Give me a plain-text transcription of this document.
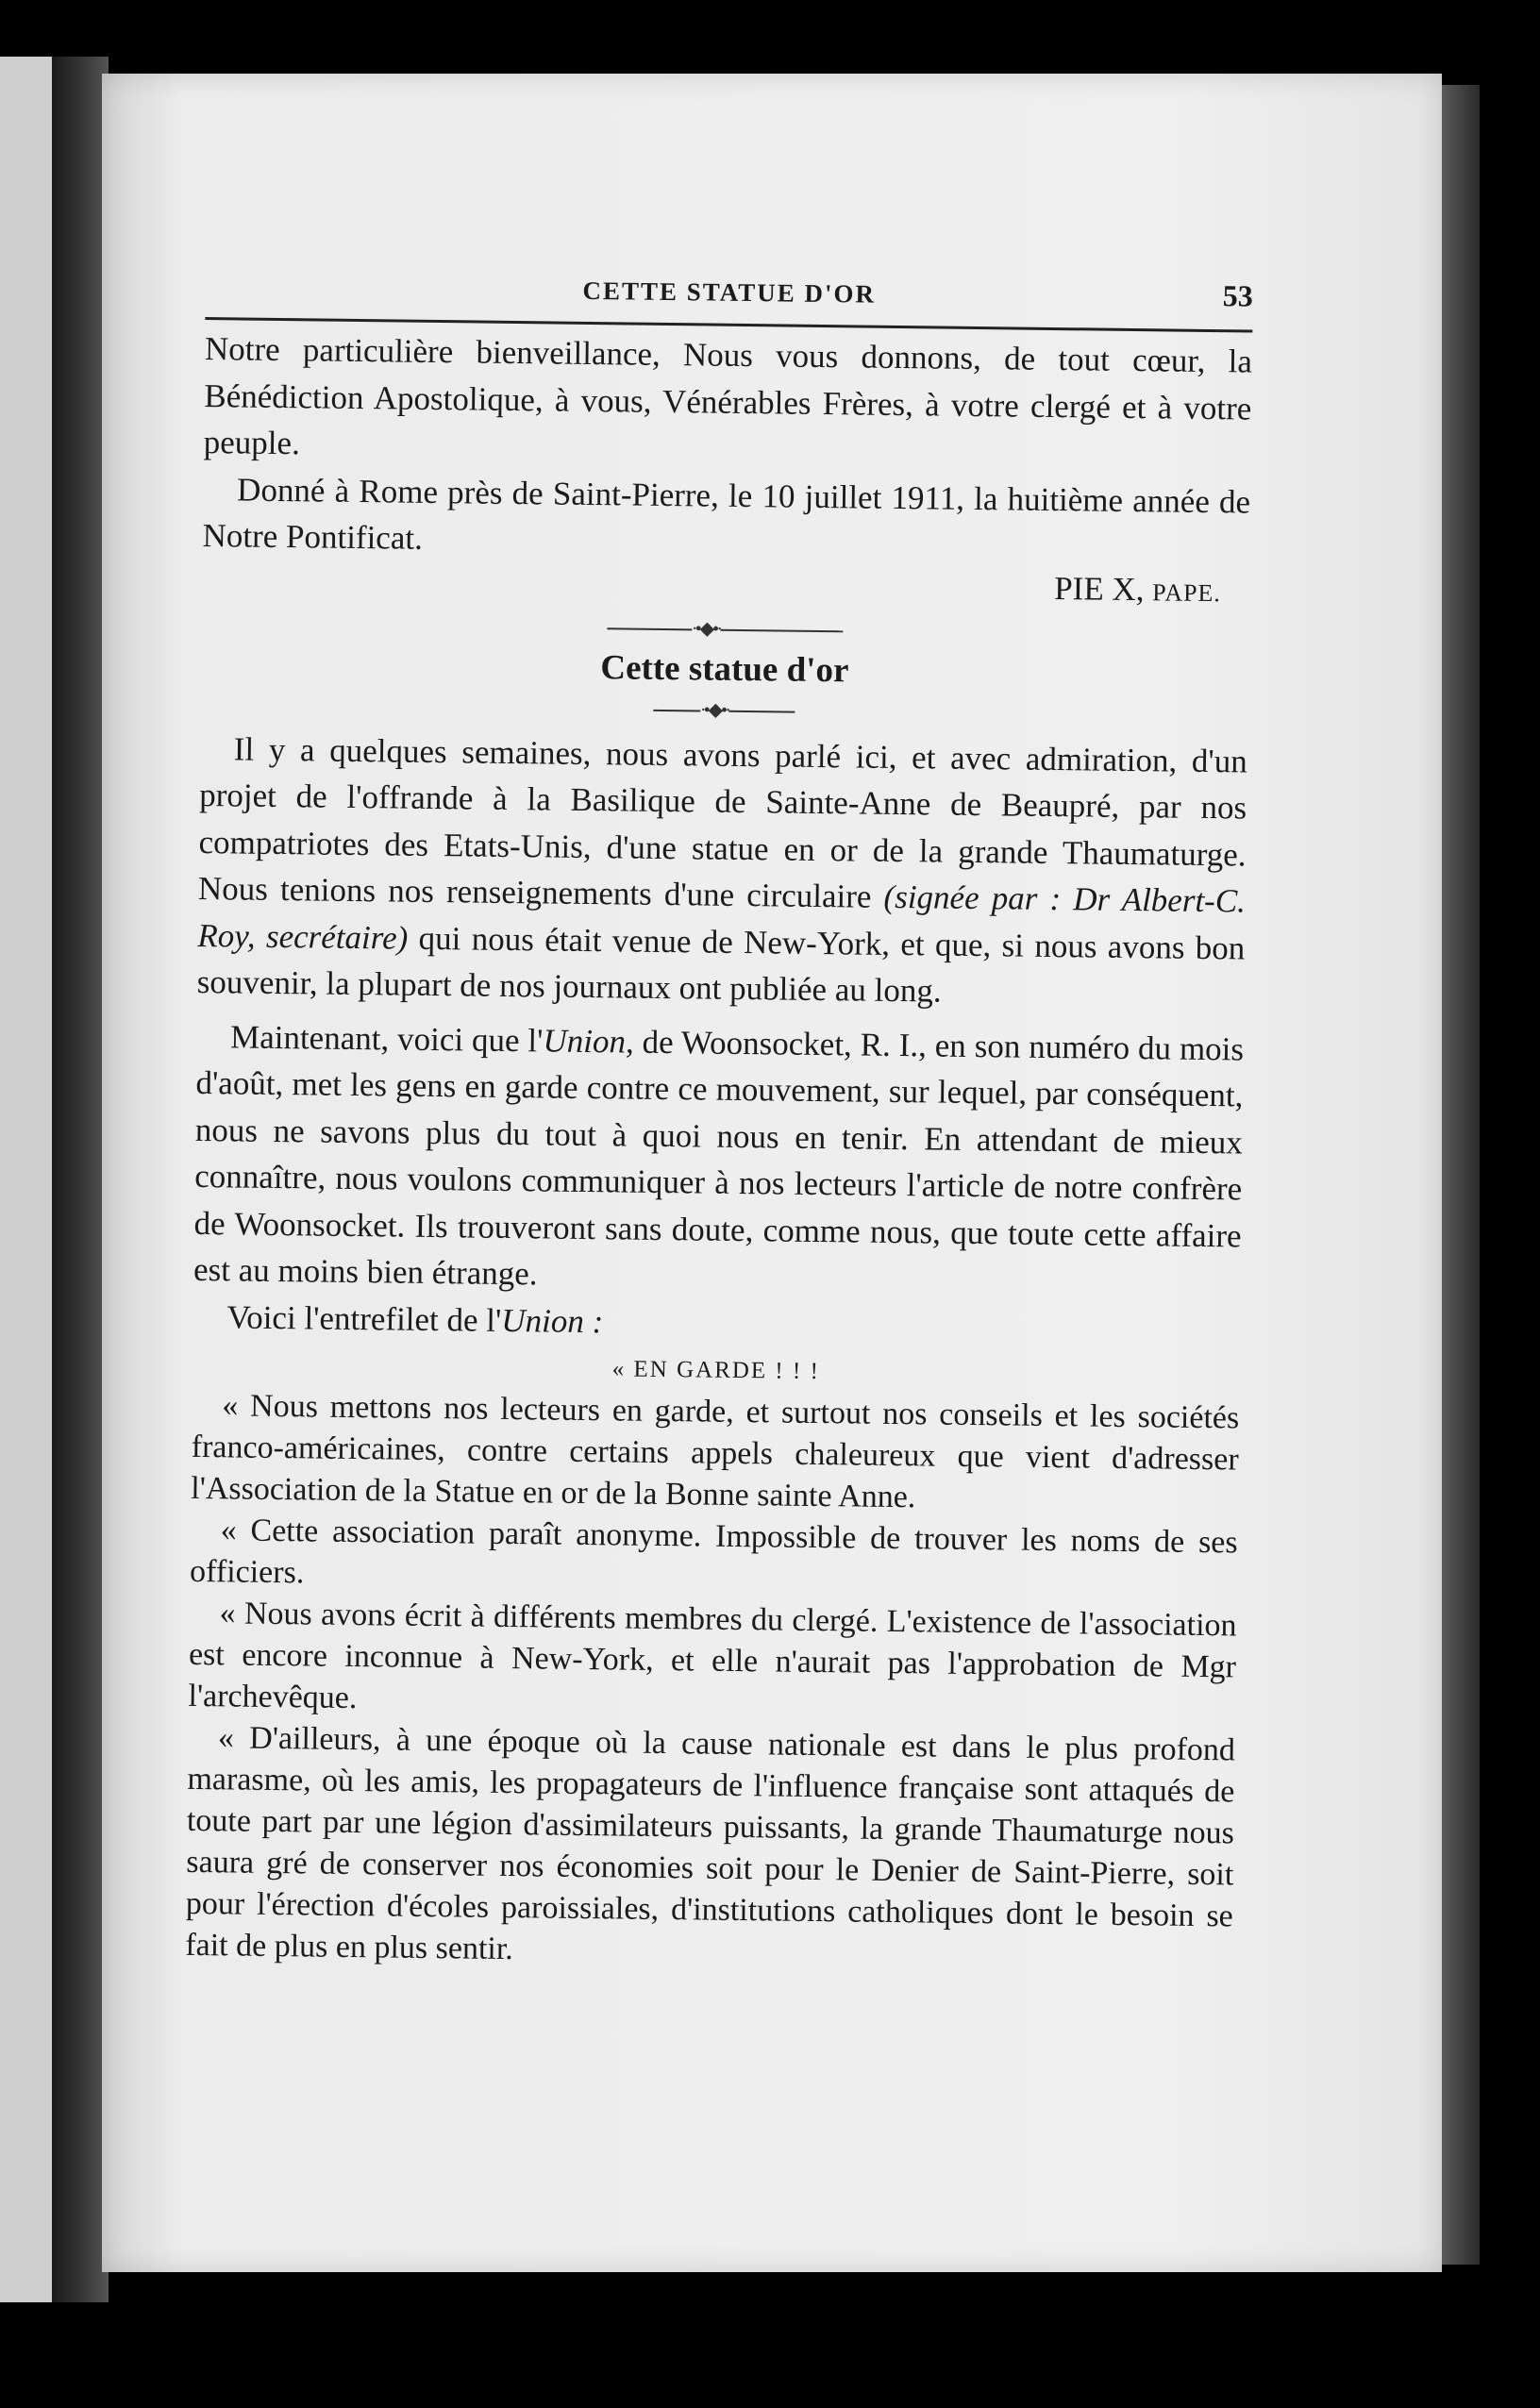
CETTE STATUE D'OR	53

Notre particulière bienveillance, Nous vous donnons, de tout cœur, la Bénédiction Apostolique, à vous, Vénérables Frères, à votre clergé et à votre peuple.

Donné à Rome près de Saint-Pierre, le 10 juillet 1911, la huitième année de Notre Pontificat.

PIE X, PAPE.
∙•◆•∙
Cette statue d'or
∙•◆•∙

Il y a quelques semaines, nous avons parlé ici, et avec admiration, d'un projet de l'offrande à la Basilique de Sainte-Anne de Beaupré, par nos compatriotes des Etats-Unis, d'une statue en or de la grande Thaumaturge. Nous tenions nos renseignements d'une circulaire (signée par : Dr Albert-C. Roy, secrétaire) qui nous était venue de New-York, et que, si nous avons bon souvenir, la plupart de nos journaux ont publiée au long.

Maintenant, voici que l'Union, de Woonsocket, R. I., en son numéro du mois d'août, met les gens en garde contre ce mouvement, sur lequel, par conséquent, nous ne savons plus du tout à quoi nous en tenir. En attendant de mieux connaître, nous voulons communiquer à nos lecteurs l'article de notre confrère de Woonsocket. Ils trouveront sans doute, comme nous, que toute cette affaire est au moins bien étrange.

Voici l'entrefilet de l'Union :

« EN GARDE ! ! !

« Nous mettons nos lecteurs en garde, et surtout nos conseils et les sociétés franco-américaines, contre certains appels chaleureux que vient d'adresser l'Association de la Statue en or de la Bonne sainte Anne.

« Cette association paraît anonyme. Impossible de trouver les noms de ses officiers.

« Nous avons écrit à différents membres du clergé. L'existence de l'association est encore inconnue à New-York, et elle n'aurait pas l'approbation de Mgr l'archevêque.

« D'ailleurs, à une époque où la cause nationale est dans le plus profond marasme, où les amis, les propagateurs de l'influence française sont attaqués de toute part par une légion d'assimilateurs puissants, la grande Thaumaturge nous saura gré de conserver nos économies soit pour le Denier de Saint-Pierre, soit pour l'érection d'écoles paroissiales, d'institutions catholiques dont le besoin se fait de plus en plus sentir.
